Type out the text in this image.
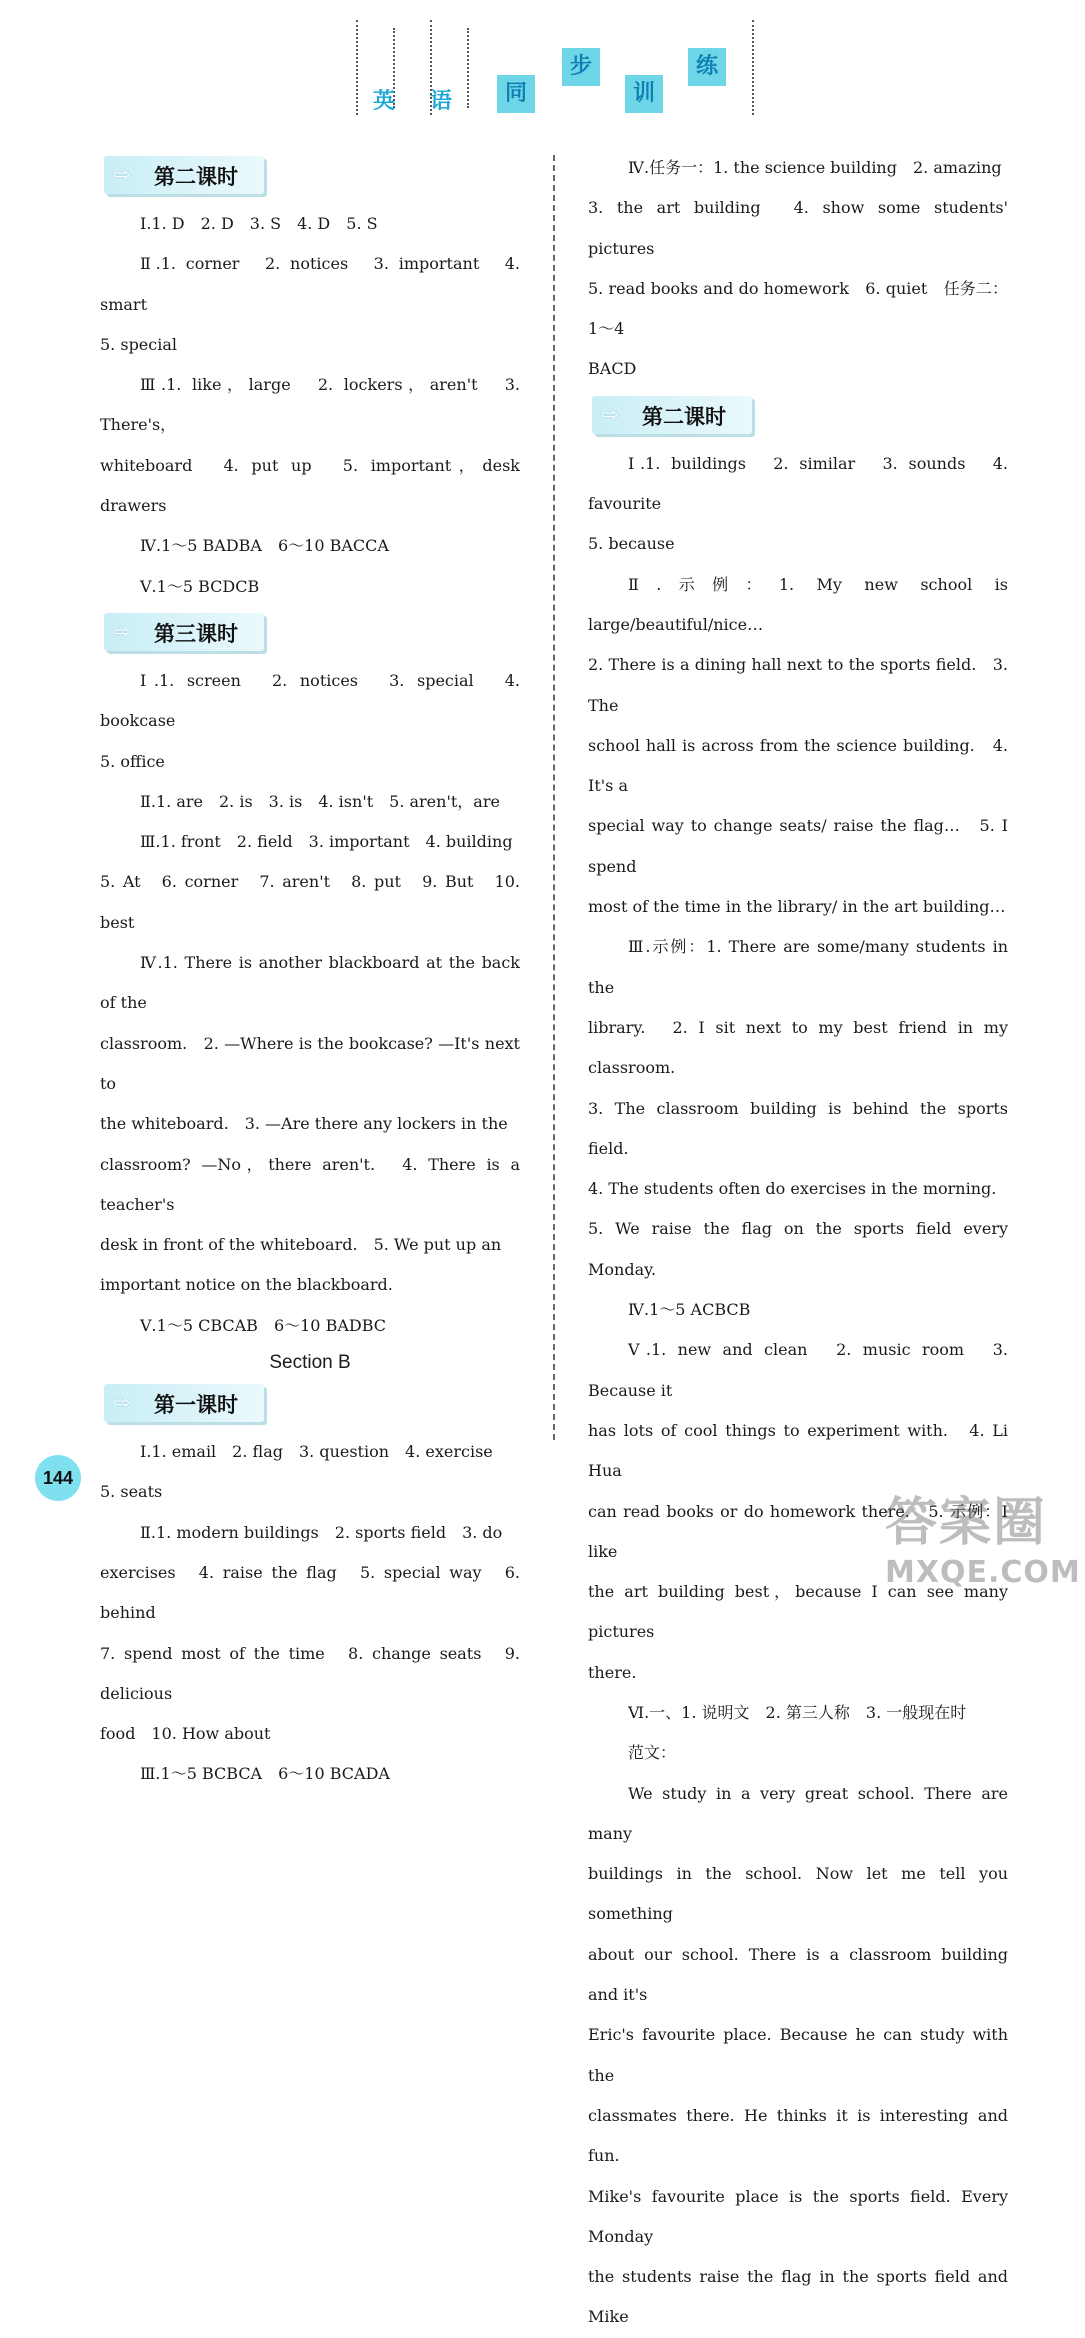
英 语	同
步
训
练
⇨ 第二课时

Ⅰ.1. D　2. D　3. S　4. D　5. S

Ⅱ.1. corner　2. notices　3. important　4. smart

5. special

Ⅲ.1. like，large　2. lockers，aren't　3. There's，

whiteboard　4. put up　5. important，desk drawers

Ⅳ.1～5 BADBA　6～10 BACCA

Ⅴ.1～5 BCDCB

⇨ 第三课时

Ⅰ.1. screen　2. notices　3. special　4. bookcase

5. office

Ⅱ.1. are　2. is　3. is　4. isn't　5. aren't，are

Ⅲ.1. front　2. field　3. important　4. building

5. At　6. corner　7. aren't　8. put　9. But　10. best

Ⅳ.1. There is another blackboard at the back of the

classroom.　2. —Where is the bookcase? —It's next to

the whiteboard.　3. —Are there any lockers in the

classroom? —No，there aren't.　4. There is a teacher's

desk in front of the whiteboard.　5. We put up an

important notice on the blackboard.

Ⅴ.1～5 CBCAB　6～10 BADBC

Section B
⇨ 第一课时

Ⅰ.1. email　2. flag　3. question　4. exercise

5. seats

Ⅱ.1. modern buildings　2. sports field　3. do

exercises　4. raise the flag　5. special way　6. behind

7. spend most of the time　8. change seats　9. delicious

food　10. How about

Ⅲ.1～5 BCBCA　6～10 BCADA

Ⅳ.任务一：1. the science building　2. amazing

3. the art building　4. show some students' pictures

5. read books and do homework　6. quiet　任务二：1～4

BACD

⇨ 第二课时

Ⅰ.1. buildings　2. similar　3. sounds　4. favourite

5. because

Ⅱ.示例：1. My new school is large/beautiful/nice…

2. There is a dining hall next to the sports field.　3. The

school hall is across from the science building.　4. It's a

special way to change seats/ raise the flag…　5. I spend

most of the time in the library/ in the art building…

Ⅲ.示例：1. There are some/many students in the

library.　2. I sit next to my best friend in my classroom.

3. The classroom building is behind the sports field.

4. The students often do exercises in the morning.

5. We raise the flag on the sports field every Monday.

Ⅳ.1～5 ACBCB

Ⅴ.1. new and clean　2. music room　3. Because it

has lots of cool things to experiment with.　4. Li Hua

can read books or do homework there.　5. 示例：I like

the art building best，because I can see many pictures

there.

Ⅵ.一、1. 说明文　2. 第三人称　3. 一般现在时

范文：

We study in a very great school. There are many

buildings in the school. Now let me tell you something

about our school. There is a classroom building and it's

Eric's favourite place. Because he can study with the

classmates there. He thinks it is interesting and fun.

Mike's favourite place is the sports field. Every Monday

the students raise the flag in the sports field and Mike

144
答案圈
MXQE.COM
